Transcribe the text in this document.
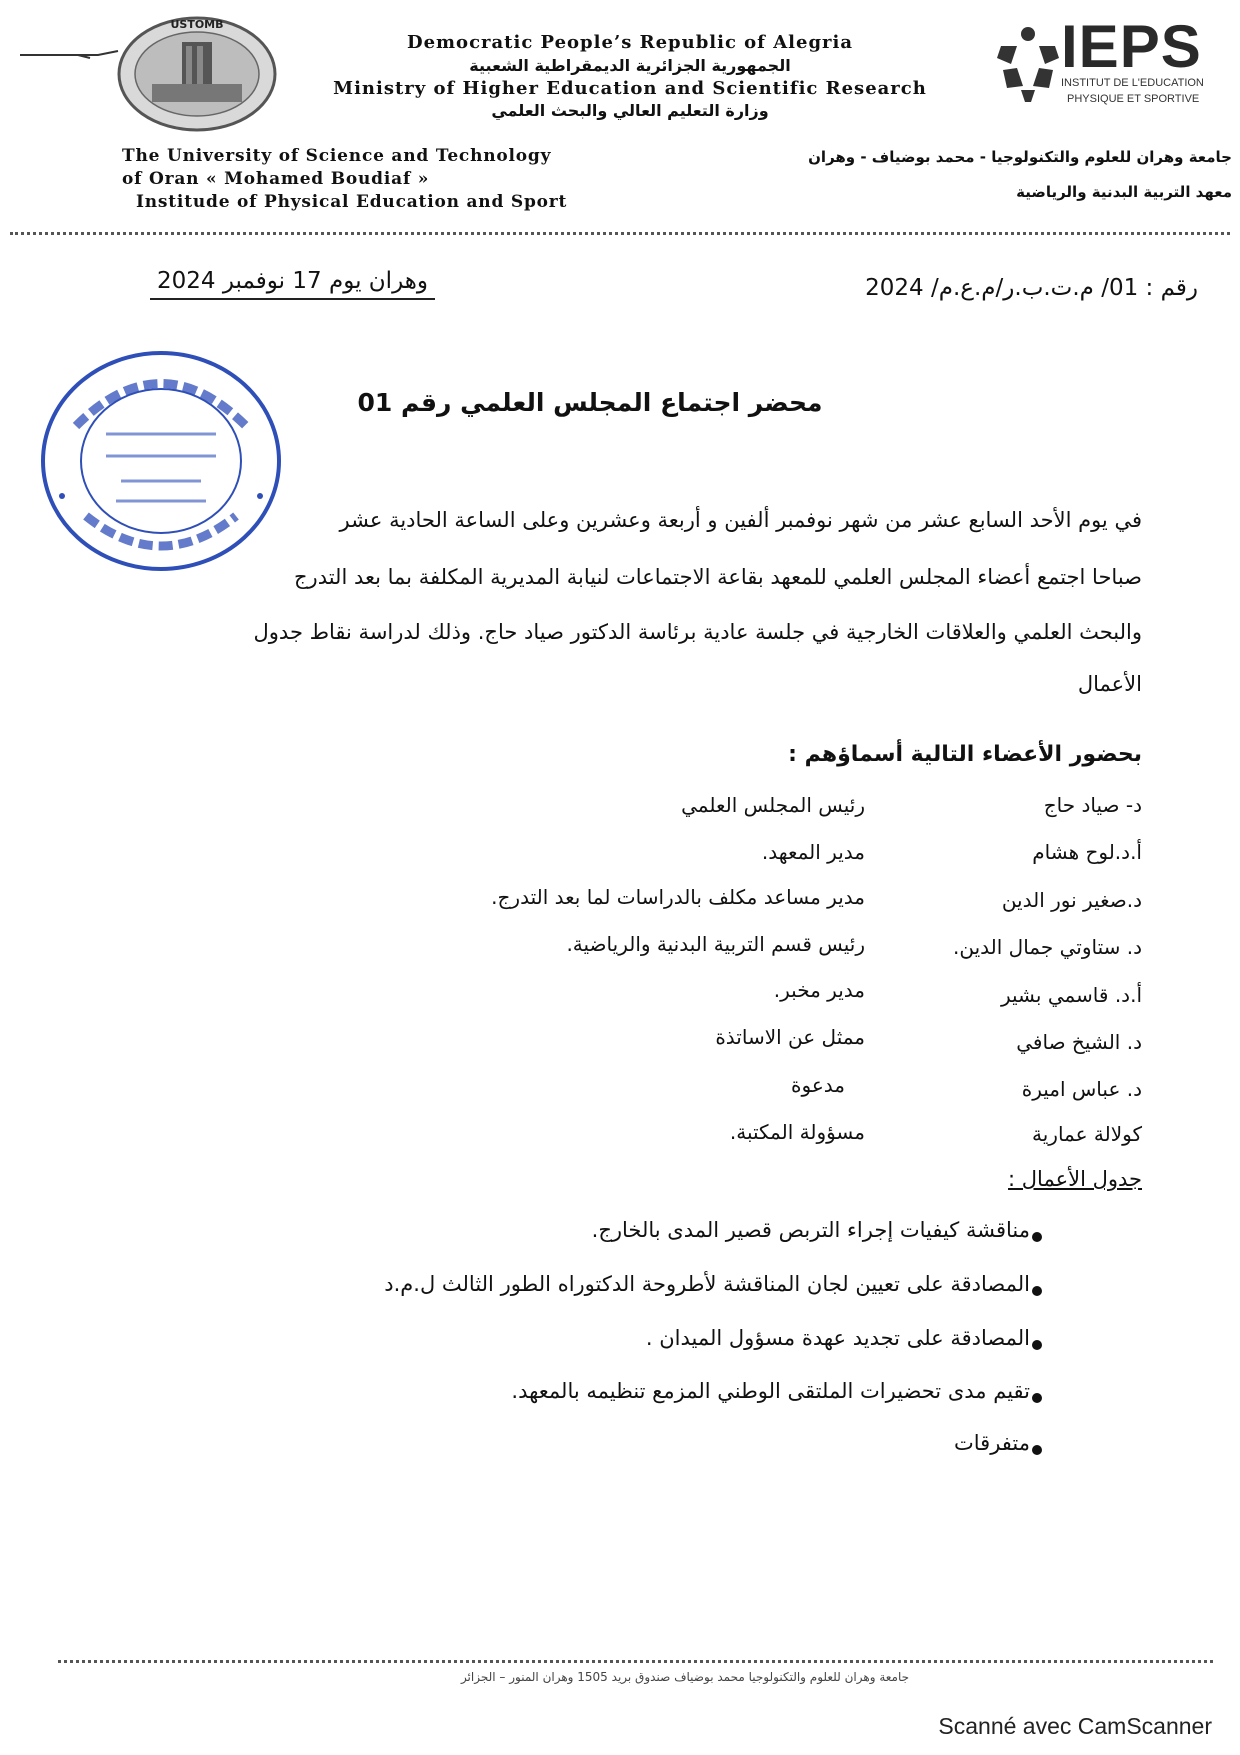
USTOMB	IEPS
INSTITUT DE L'EDUCATION
PHYSIQUE ET SPORTIVE
Democratic People’s Republic of Alegria
الجمهورية الجزائرية الديمقراطية الشعبية
Ministry of Higher Education and Scientific Research
وزارة التعليم العالي والبحث العلمي
The University of Science and Technology
of Oran « Mohamed Boudiaf »
Institude of Physical Education and Sport
جامعة وهران للعلوم والتكنولوجيا - محمد بوضياف - وهران
معهد التربية البدنية والرياضية
رقم : 01/ م.ت.ب.ر/م.ع.م/ 2024
وهران يوم 17 نوفمبر 2024
محضر اجتماع المجلس العلمي رقم 01
في يوم الأحد السابع عشر من شهر نوفمبر ألفين و أربعة وعشرين وعلى الساعة الحادية عشر
صباحا اجتمع أعضاء المجلس العلمي للمعهد بقاعة الاجتماعات لنيابة المديرية المكلفة بما بعد التدرج
والبحث العلمي والعلاقات الخارجية في جلسة عادية برئاسة الدكتور صياد حاج. وذلك لدراسة نقاط جدول
الأعمال
بحضور الأعضاء التالية أسماؤهم :
د- صياد حاج
رئيس المجلس العلمي
أ.د.لوح هشام
مدير المعهد.
د.صغير نور الدين
مدير مساعد مكلف بالدراسات لما بعد التدرج.
د. ستاوتي جمال الدين.
رئيس قسم التربية البدنية والرياضية.
أ.د. قاسمي بشير
مدير مخبر.
د. الشيخ صافي
ممثل عن الاساتذة
د. عباس اميرة
مدعوة
كولالة عمارية
مسؤولة المكتبة.
جدول الأعمال :
مناقشة كيفيات إجراء التربص قصير المدى بالخارج.
المصادقة على تعيين لجان المناقشة لأطروحة الدكتوراه الطور الثالث ل.م.د
المصادقة على تجديد عهدة مسؤول الميدان .
تقيم مدى تحضيرات الملتقى الوطني المزمع تنظيمه بالمعهد.
متفرقات
جامعة وهران للعلوم والتكنولوجيا محمد بوضياف صندوق بريد 1505 وهران المنور – الجزائر
Scanné avec CamScanner
